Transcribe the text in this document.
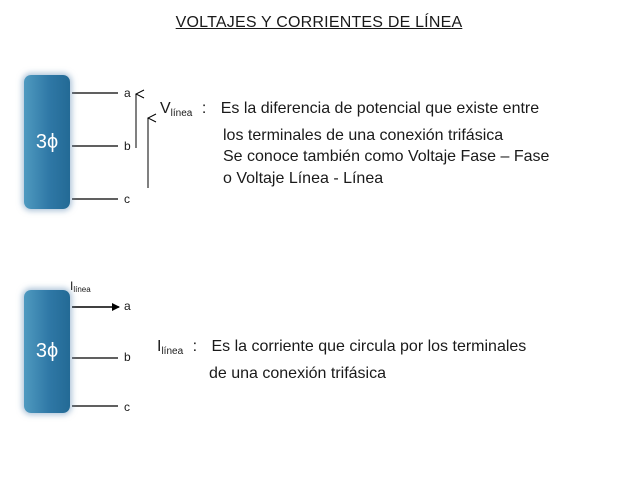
VOLTAJES Y CORRIENTES DE LÍNEA
3ϕ
a
b
c
$V_{línea}$ : Es la diferencia de potencial que existe entre
los terminales de una conexión trifásica
Se conoce también como Voltaje Fase – Fase
o Voltaje Línea - Línea
3ϕ
Ilínea
a
b
c
$I_{línea}$ : Es la corriente que circula por los terminales
de una conexión trifásica
